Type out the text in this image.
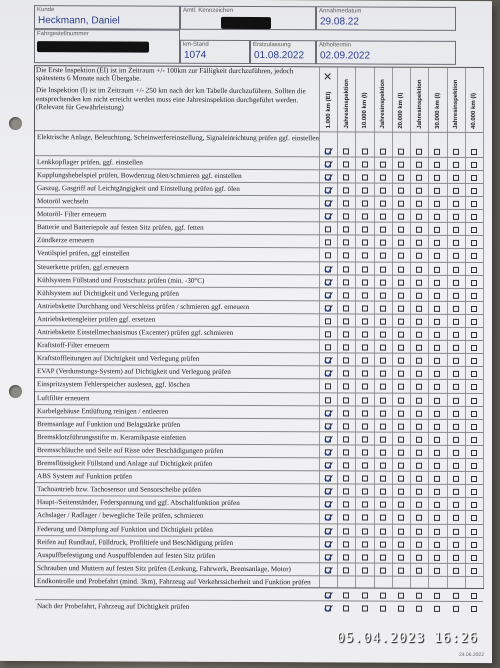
Kunde
Heckmann, Daniel
Amtl. Kennzeichen	Annahmedatum
29.08.22
Fahrgestellnummer
km-Stand
1074
Erstzulassung
01.08.2022
Abholtermin
02.09.2022
1.000 km (EI) Jahresinspektion 10.000 km (I) Jahresinspektion 20.000 km (I) Jahresinspektion 30.000 km (I) Jahresinspektion 40.000 km (I)
✕
Elektrische Anlage, Beleuchtung, Scheinwerfereinstellung, Signaleinrichtung prüfen ggf. einstellen
Lenkkopflager prüfen, ggf. einstellen
Kupplungshebelspiel prüfen, Bowdenzug ölen/schmieren ggf. einstellen
Gaszug, Gasgriff auf Leichtgängigkeit und Einstellung prüfen ggf. ölen
Motoröl wechseln
Motoröl- Filter erneuern
Batterie und Batteriepole auf festen Sitz prüfen, ggf. fetten
Zündkerze erneuern
Ventilspiel prüfen, ggf einstellen
Steuerkette prüfen, ggf.erneuern
Kühlsystem Füllstand und Frostschutz prüfen (min. -30°C)
Kühlsystem auf Dichtigkeit und Verlegung prüfen
Antriebskette Durchhang und Verschleiss prüfen / schmieren ggf. erneuern
Antriebskettengleiter prüfen ggf. ersetzen
Antriebskette Einstellmechanismus (Excenter) prüfen ggf. schmieren
Kraftstoff-Filter erneuern
Kraftstoffleitungen auf Dichtigkeit und Verlegung prüfen
EVAP (Verdunstungs-System) auf Dichtigkeit und Verlegung prüfen
Einspritzsystem Fehlerspeicher auslesen, ggf. löschen
Luftfilter erneuern
Kurbelgehäuse Entlüftung reinigen / entleeren
Bremsanlage auf Funktion und Belagstärke prüfen
Bremsklotzführungsstifte m. Keramikpaste einfetten
Bremsschläuche und Seile auf Risse oder Beschädigungen prüfen
Bremsflüssigkeit Füllstand und Anlage auf Dichtigkeit prüfen
ABS System auf Funktion prüfen
Tachoantrieb bzw. Tachosensor und Sensorscheibe prüfen
Haupt-/Seitenständer, Federspannung und ggf. Abschaltfunktion prüfen
Achslager / Radlager / bewegliche Teile prüfen, schmieren
Federung und Dämpfung auf Funktion und Dichtigkeit prüfen
Reifen auf Rundlauf, Fülldruck, Profiltiefe und Beschädigung prüfen
Auspuffbefestigung und Auspuffblenden auf festen Sitz prüfen
Schrauben und Muttern auf festen Sitz prüfen (Lenkung, Fahrwerk, Bremsanlage, Motor)
Endkontrolle und Probefahrt (mind. 3km), Fahrzeug auf Verkehrssicherheit und Funktion prüfen
Nach der Probefahrt, Fahrzeug auf Dichtigkeit prüfen

Die Erste Inspektion (EI) ist im Zeitraum +/- 100km zur Fälligkeit durchzuführen, jedoch spätestens 6 Monate nach Übergabe.

Die Inspektion (I) ist im Zeitraum +/- 250 km nach der km Tabelle durchzuführen. Sollten die entsprechenden km nicht erreicht werden muss eine Jahresinspektion durchgeführt werden. (Relevant für Gewährleistung)

24.06.2022
05.04.2023 16:26
